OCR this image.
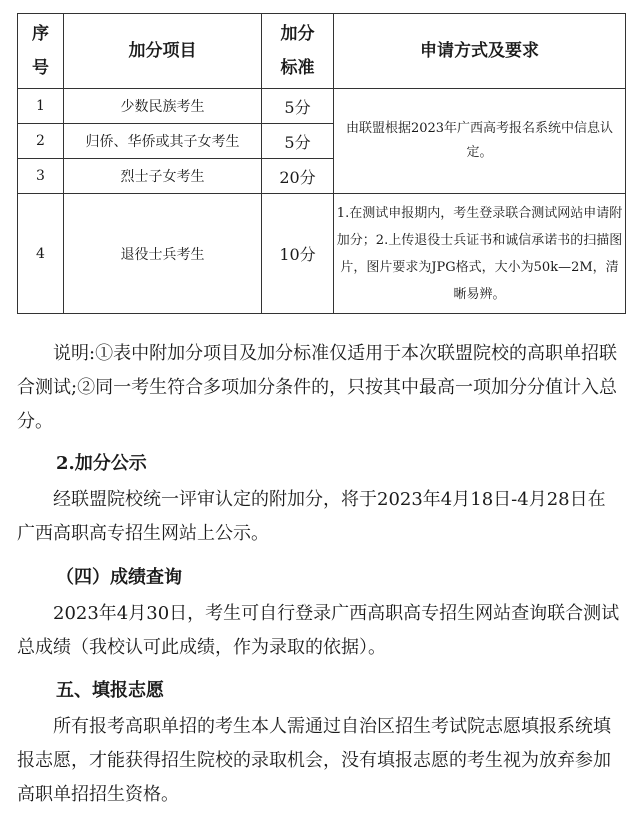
序号	加分项目	加分标准	申请方式及要求
1	少数民族考生	5分	由联盟根据2023年广西高考报名系统中信息认定。
2	归侨、华侨或其子女考生	5分	
3	烈士子女考生	20分	
4	退役士兵考生	10分	1.在测试申报期内，考生登录联合测试网站申请附加分；2.上传退役士兵证书和诚信承诺书的扫描图片，图片要求为JPG格式，大小为50k—2M，清晰易辨。

说明:①表中附加分项目及加分标准仅适用于本次联盟院校的高职单招联合测试;②同一考生符合多项加分条件的，只按其中最高一项加分分值计入总分。

2.加分公示

经联盟院校统一评审认定的附加分，将于2023年4月18日-4月28日在广西高职高专招生网站上公示。

（四）成绩查询

2023年4月30日，考生可自行登录广西高职高专招生网站查询联合测试总成绩（我校认可此成绩，作为录取的依据）。

五、填报志愿

所有报考高职单招的考生本人需通过自治区招生考试院志愿填报系统填报志愿，才能获得招生院校的录取机会，没有填报志愿的考生视为放弃参加高职单招招生资格。
